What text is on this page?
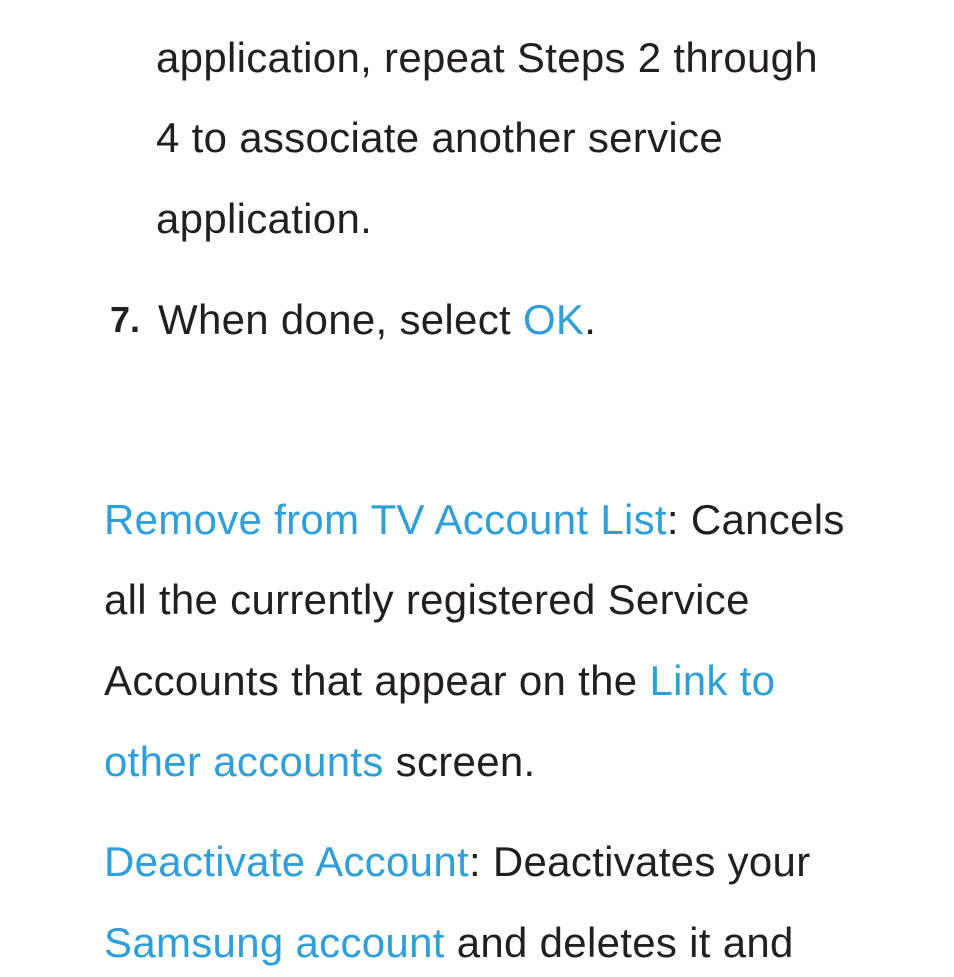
application, repeat Steps 2 through
4 to associate another service
application.
7. When done, select OK.
Remove from TV Account List: Cancels
all the currently registered Service
Accounts that appear on the Link to
other accounts screen.
Deactivate Account: Deactivates your
Samsung account and deletes it and
